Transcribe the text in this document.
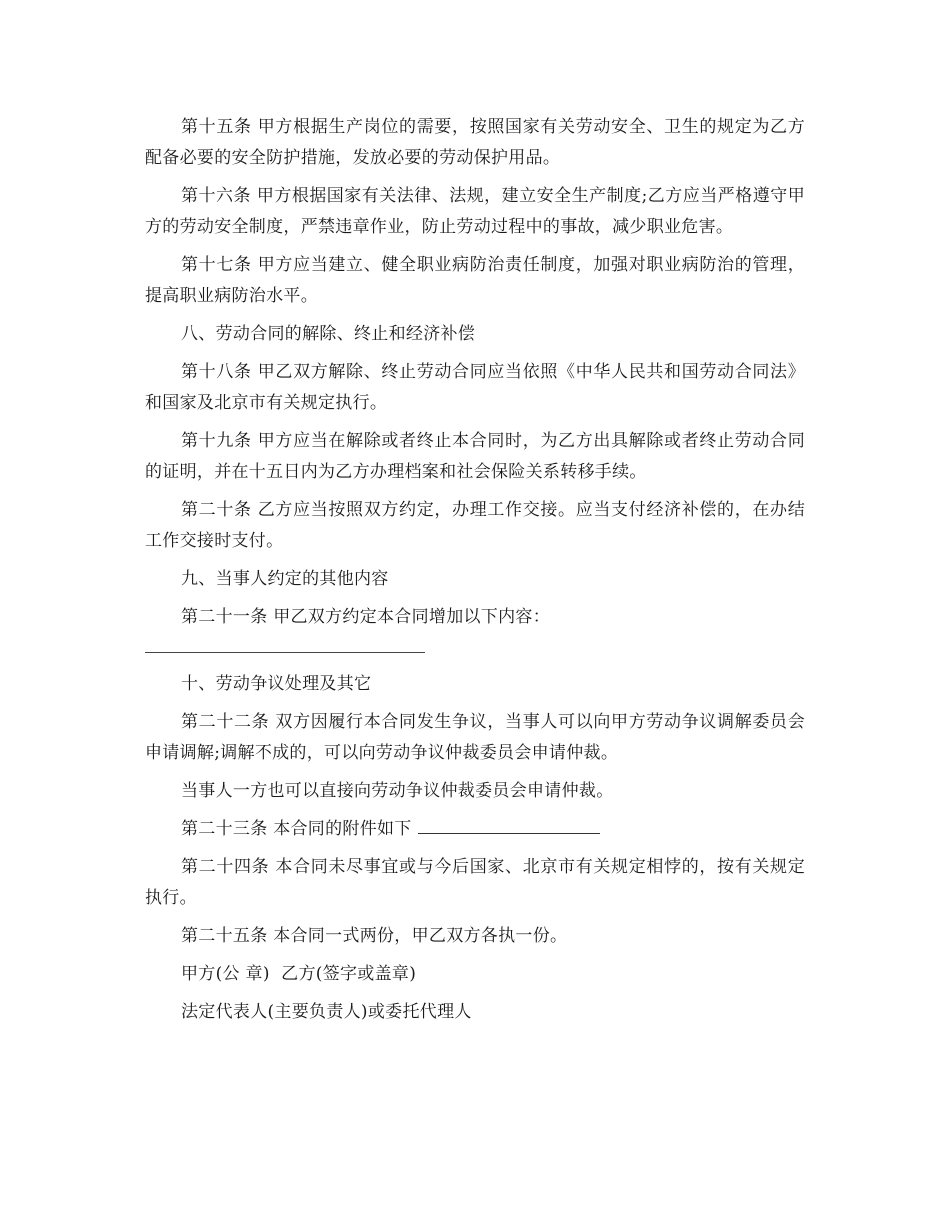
第十五条 甲方根据生产岗位的需要，按照国家有关劳动安全、卫生的规定为乙方配备必要的安全防护措施，发放必要的劳动保护用品。

第十六条 甲方根据国家有关法律、法规，建立安全生产制度;乙方应当严格遵守甲方的劳动安全制度，严禁违章作业，防止劳动过程中的事故，减少职业危害。

第十七条 甲方应当建立、健全职业病防治责任制度，加强对职业病防治的管理，提高职业病防治水平。

八、劳动合同的解除、终止和经济补偿

第十八条 甲乙双方解除、终止劳动合同应当依照《中华人民共和国劳动合同法》和国家及北京市有关规定执行。

第十九条 甲方应当在解除或者终止本合同时，为乙方出具解除或者终止劳动合同的证明，并在十五日内为乙方办理档案和社会保险关系转移手续。

第二十条 乙方应当按照双方约定，办理工作交接。应当支付经济补偿的，在办结工作交接时支付。

九、当事人约定的其他内容

第二十一条 甲乙双方约定本合同增加以下内容：

十、劳动争议处理及其它

第二十二条 双方因履行本合同发生争议，当事人可以向甲方劳动争议调解委员会申请调解;调解不成的，可以向劳动争议仲裁委员会申请仲裁。

当事人一方也可以直接向劳动争议仲裁委员会申请仲裁。

第二十三条 本合同的附件如下

第二十四条 本合同未尽事宜或与今后国家、北京市有关规定相悖的，按有关规定执行。

第二十五条 本合同一式两份，甲乙双方各执一份。

甲方(公 章)  乙方(签字或盖章)

法定代表人(主要负责人)或委托代理人
